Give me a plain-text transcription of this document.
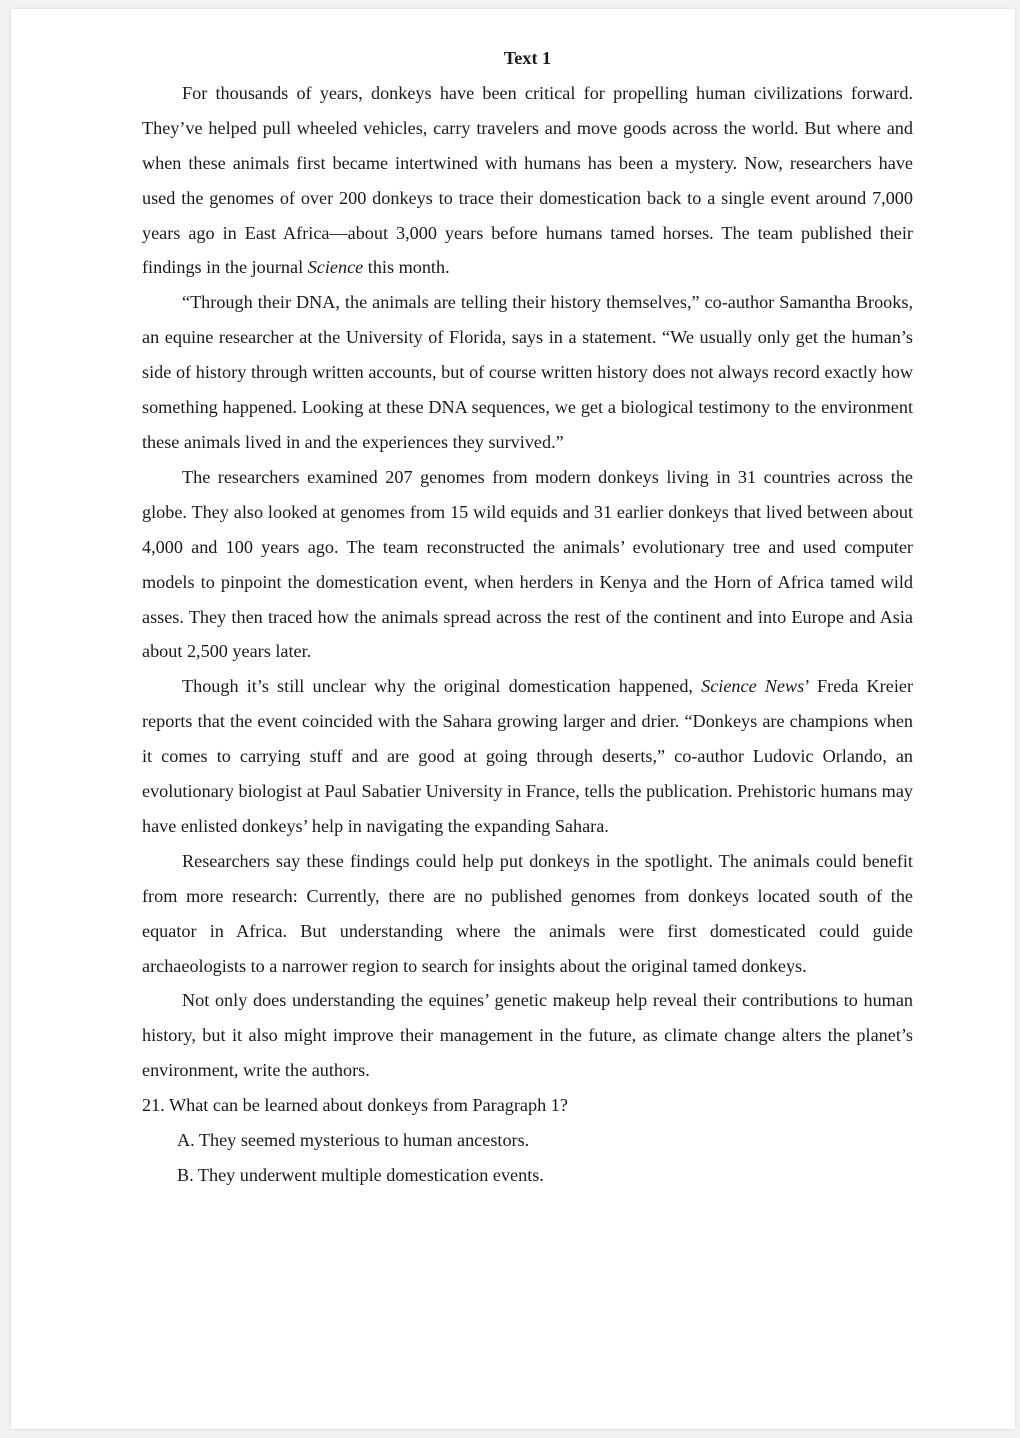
Text 1

For thousands of years, donkeys have been critical for propelling human civilizations forward. They’ve helped pull wheeled vehicles, carry travelers and move goods across the world. But where and when these animals first became intertwined with humans has been a mystery. Now, researchers have used the genomes of over 200 donkeys to trace their domestication back to a single event around 7,000 years ago in East Africa—about 3,000 years before humans tamed horses. The team published their findings in the journal Science this month.

“Through their DNA, the animals are telling their history themselves,” co-author Samantha Brooks, an equine researcher at the University of Florida, says in a statement. “We usually only get the human’s side of history through written accounts, but of course written history does not always record exactly how something happened. Looking at these DNA sequences, we get a biological testimony to the environment these animals lived in and the experiences they survived.”

The researchers examined 207 genomes from modern donkeys living in 31 countries across the globe. They also looked at genomes from 15 wild equids and 31 earlier donkeys that lived between about 4,000 and 100 years ago. The team reconstructed the animals’ evolutionary tree and used computer models to pinpoint the domestication event, when herders in Kenya and the Horn of Africa tamed wild asses. They then traced how the animals spread across the rest of the continent and into Europe and Asia about 2,500 years later.

Though it’s still unclear why the original domestication happened, Science News’ Freda Kreier reports that the event coincided with the Sahara growing larger and drier. “Donkeys are champions when it comes to carrying stuff and are good at going through deserts,” co-author Ludovic Orlando, an evolutionary biologist at Paul Sabatier University in France, tells the publication. Prehistoric humans may have enlisted donkeys’ help in navigating the expanding Sahara.

Researchers say these findings could help put donkeys in the spotlight. The animals could benefit from more research: Currently, there are no published genomes from donkeys located south of the equator in Africa. But understanding where the animals were first domesticated could guide archaeologists to a narrower region to search for insights about the original tamed donkeys.

Not only does understanding the equines’ genetic makeup help reveal their contributions to human history, but it also might improve their management in the future, as climate change alters the planet’s environment, write the authors.

21. What can be learned about donkeys from Paragraph 1?

A. They seemed mysterious to human ancestors.

B. They underwent multiple domestication events.
